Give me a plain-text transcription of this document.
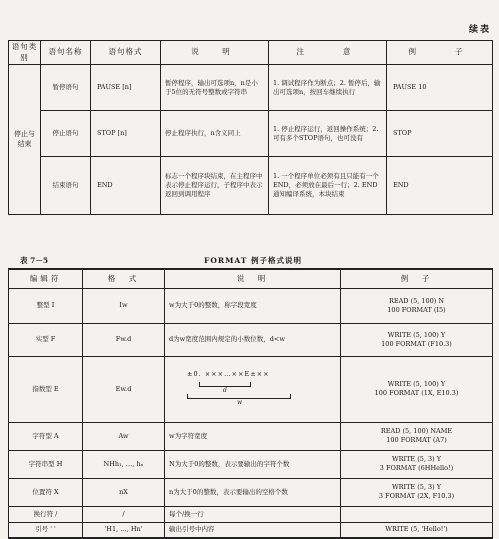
续表
语句类别	语句名称	语句格式	说　明	注　　意	例　　子
停止与结束	暂停语句	PAUSE [n]	暂停程序，输出可选项n，n是小于5位的无符号整数或字符串	1. 调试程序作为断点；2. 暂停后，输出可选项n，按回车继续执行	PAUSE 10
	停止语句	STOP [n]	停止程序执行，n含义同上	1. 停止程序运行，返回操作系统；2. 可有多个STOP语句，也可没有	STOP
	结束语句	END	标志一个程序块结束，在主程序中表示停止程序运行，子程序中表示返回到调用程序	1. 一个程序单位必须有且只能有一个END，必须放在最后一行；2. END通知编译系统，本块结束	END
表 7－5	FORMAT 例子格式说明
编辑符	格　式	说　明	例　子
整型 I	Iw	w为大于0的整数，称字段宽度	READ (5, 100) N
100 FORMAT (I5)

实型 F	Fw.d	d为w宽度范围内规定的小数位数，d<w	WRITE (5, 100) Y
100 FORMAT (F10.3)

指数型 E	Ew.d	±0. ×××…××E±××
d
w	WRITE (5, 100) Y
100 FORMAT (1X, E10.3)

字符型 A	Aw	w为字符宽度	READ (5, 100) NAME
100 FORMAT (A7)

字符串型 H	NHh₁, …, hₙ	N为大于0的整数，表示要输出的字符个数	WRITE (5, 3) Y
3 FORMAT (6HHello!)

位置符 X	nX	n为大于0的整数，表示要输出的空格个数	WRITE (5, 3) Y
3 FORMAT (2X, F10.3)

换行符 /	/	每个/换一行	
引号 ' '	'H1, …, Hn'	输出引号中内容	WRITE (5, 'Hello!')
